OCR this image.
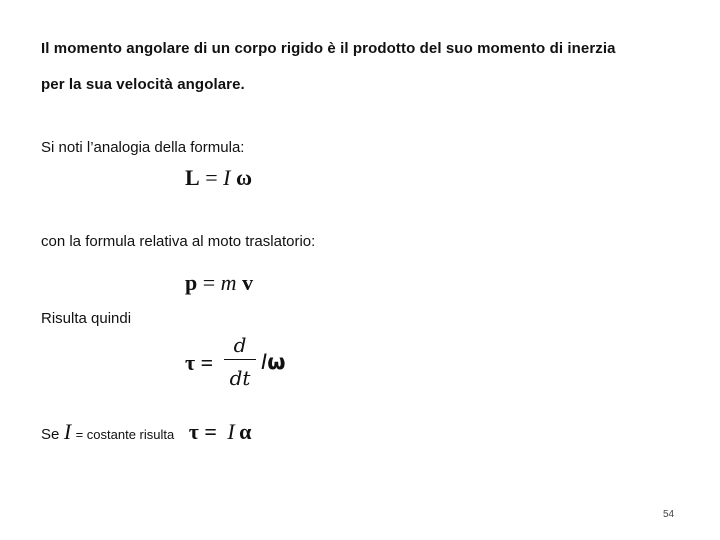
Il momento angolare di un corpo rigido è il prodotto del suo momento di inerzia
per la sua velocità angolare.
Si noti l’analogia della formula:
L = I ω
con la formula relativa al moto traslatorio:
p = m v
Risulta quindi
τ =
d
dt
Iω
Se I = costante risulta τ = I α
54
